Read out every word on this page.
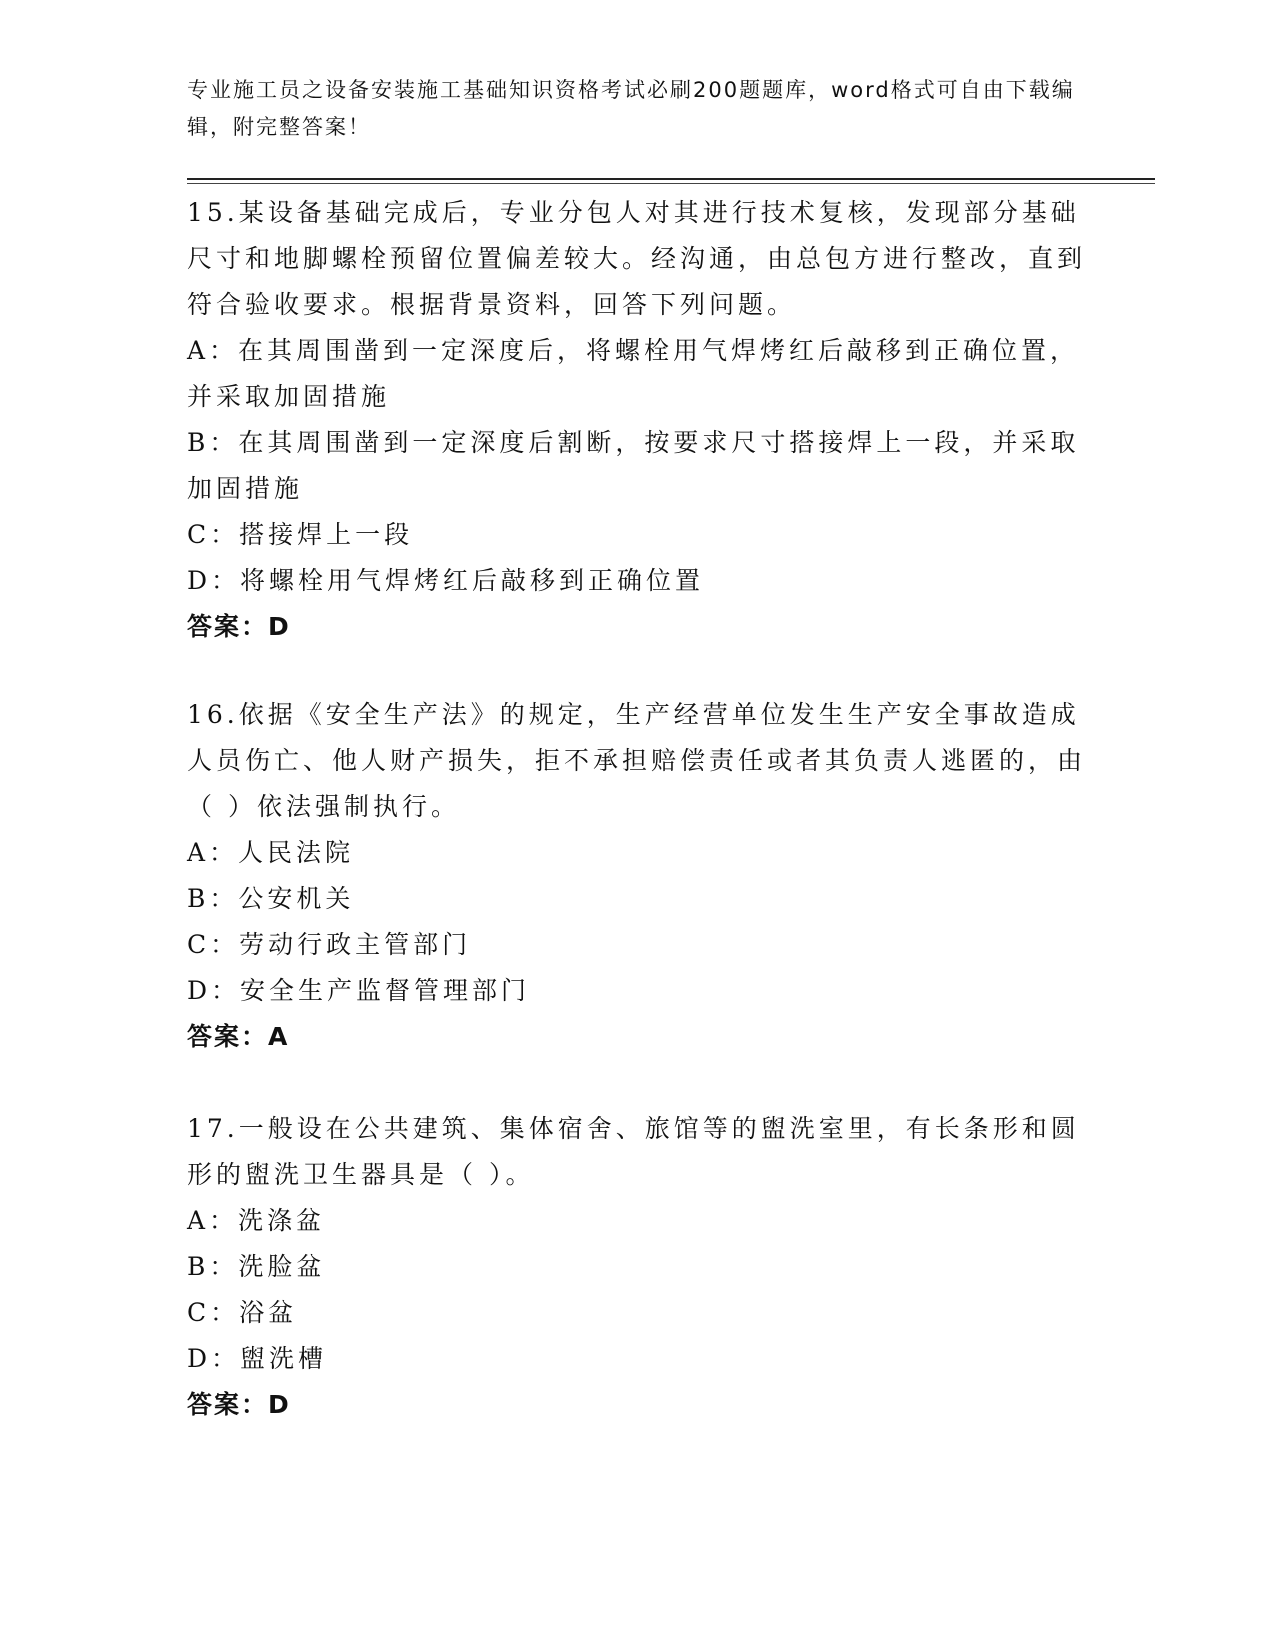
专业施工员之设备安装施工基础知识资格考试必刷200题题库，word格式可自由下载编辑，附完整答案！
15.某设备基础完成后，专业分包人对其进行技术复核，发现部分基础尺寸和地脚螺栓预留位置偏差较大。经沟通，由总包方进行整改，直到符合验收要求。根据背景资料，回答下列问题。
A：在其周围凿到一定深度后，将螺栓用气焊烤红后敲移到正确位置，并采取加固措施
B：在其周围凿到一定深度后割断，按要求尺寸搭接焊上一段，并采取加固措施
C：搭接焊上一段
D：将螺栓用气焊烤红后敲移到正确位置
答案：D
16.依据《安全生产法》的规定，生产经营单位发生生产安全事故造成人员伤亡、他人财产损失，拒不承担赔偿责任或者其负责人逃匿的，由（ ）依法强制执行。
A：人民法院
B：公安机关
C：劳动行政主管部门
D：安全生产监督管理部门
答案：A
17.一般设在公共建筑、集体宿舍、旅馆等的盥洗室里，有长条形和圆形的盥洗卫生器具是（ ）。
A：洗涤盆
B：洗脸盆
C：浴盆
D：盥洗槽
答案：D
